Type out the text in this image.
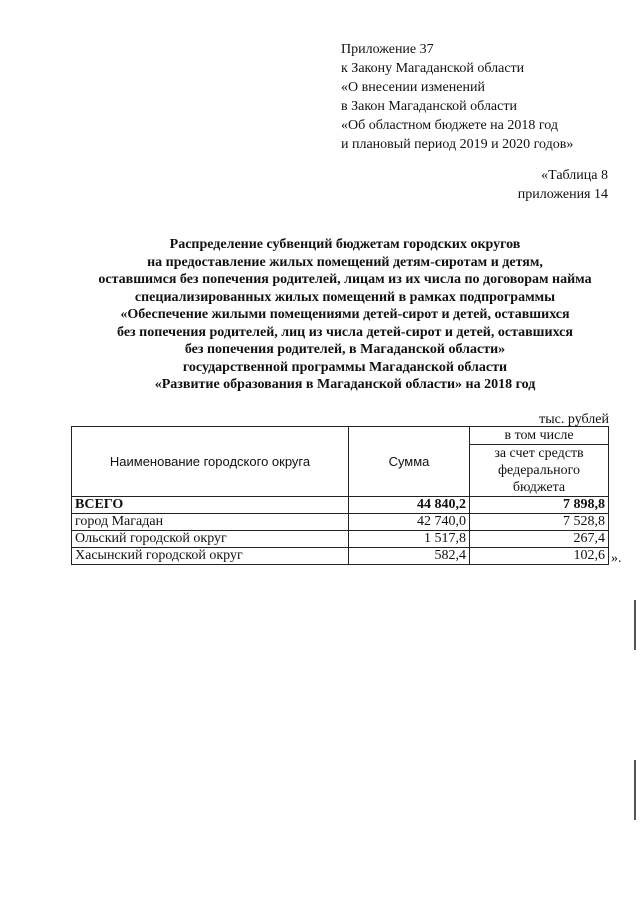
Приложение 37
к Закону Магаданской области
«О внесении изменений
в Закон Магаданской области
«Об областном бюджете на 2018 год
и плановый период 2019 и 2020 годов»
«Таблица 8
приложения 14
Распределение субвенций бюджетам городских округов
на предоставление жилых помещений детям-сиротам и детям,
оставшимся без попечения родителей, лицам из их числа по договорам найма
специализированных жилых помещений в рамках подпрограммы
«Обеспечение жилыми помещениями детей-сирот и детей, оставшихся
без попечения родителей, лиц из числа детей-сирот и детей, оставшихся
без попечения родителей, в Магаданской области»
государственной программы Магаданской области
«Развитие образования в Магаданской области» на 2018 год
тыс. рублей
Наименование городского округа	Сумма	в том числе
		за счет средств федерального бюджета
ВСЕГО	44 840,2	7 898,8
город Магадан	42 740,0	7 528,8
Ольский городской округ	1 517,8	267,4
Хасынский городской округ	582,4	102,6 ».
